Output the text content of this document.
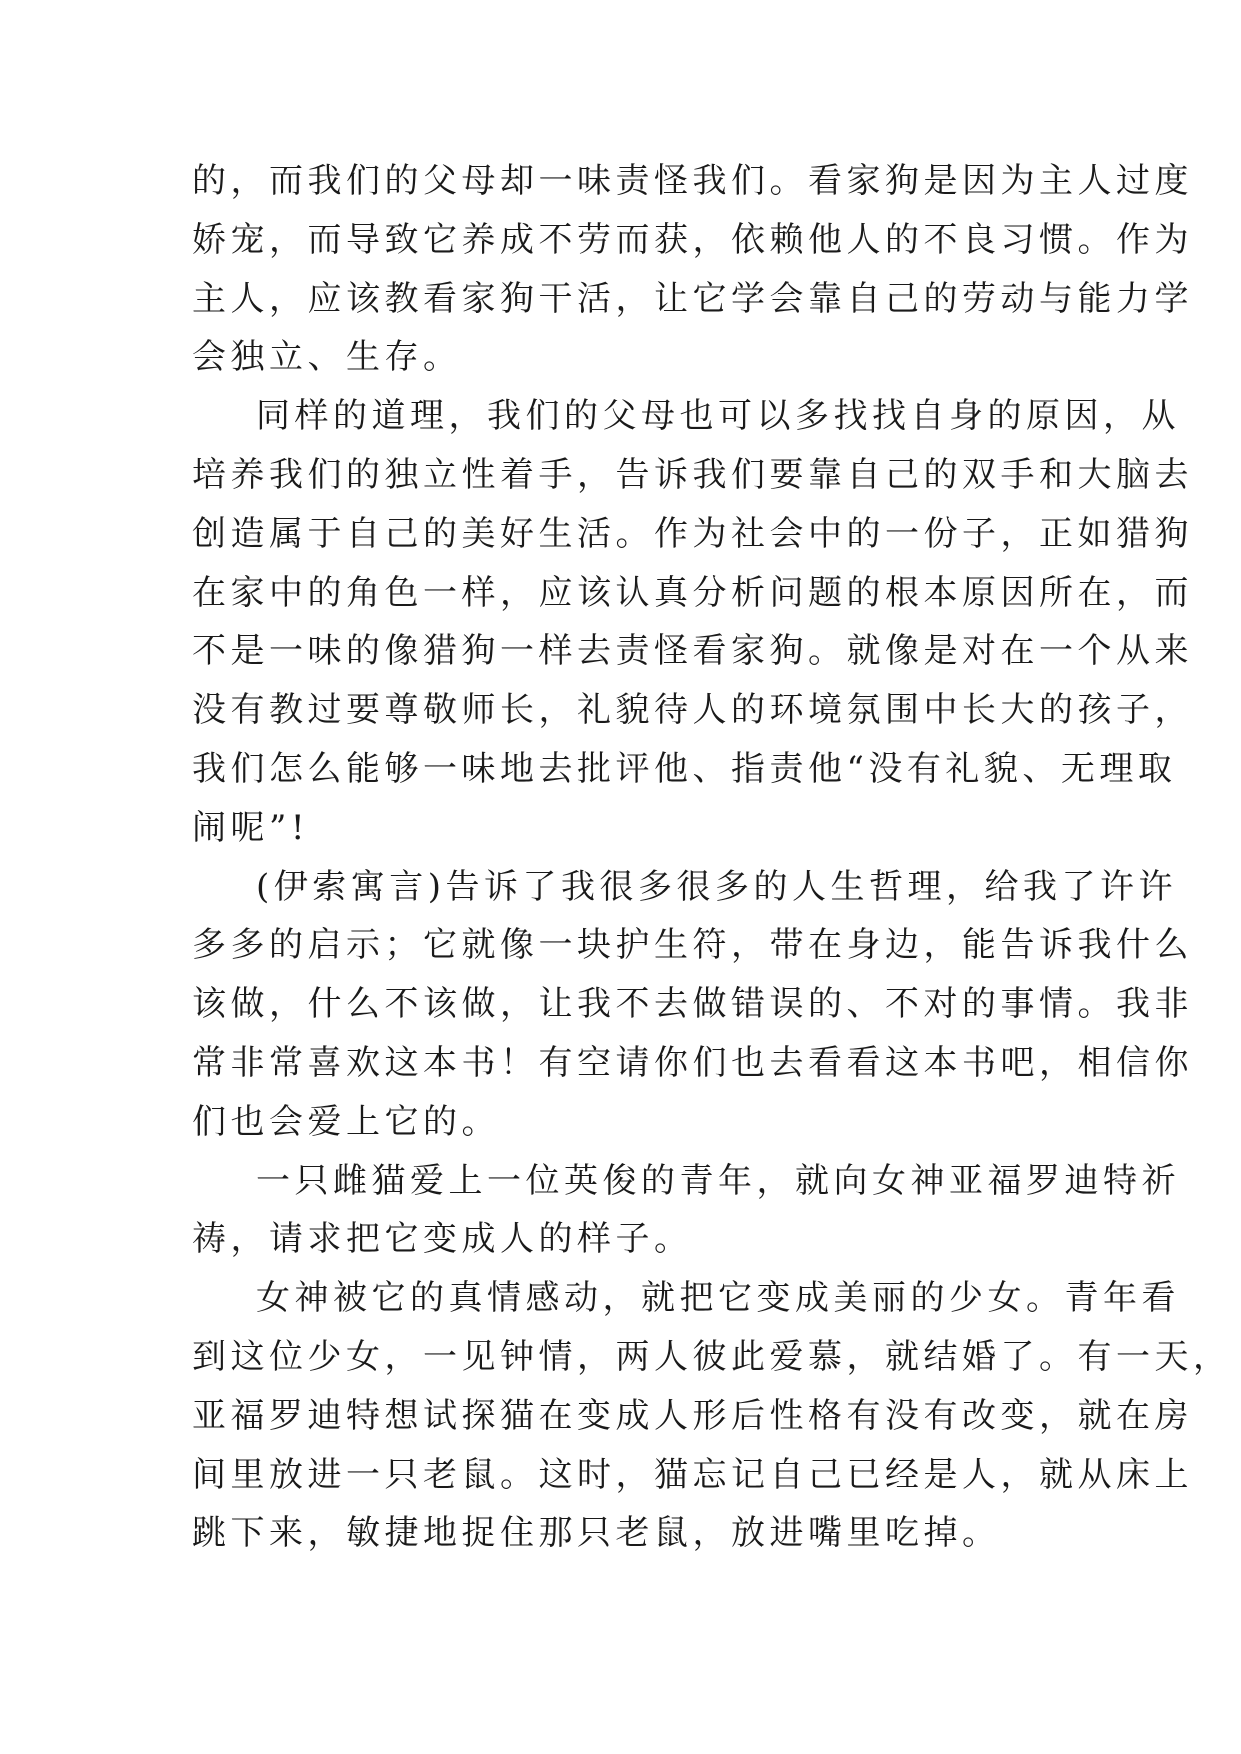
的，而我们的父母却一味责怪我们。看家狗是因为主人过度
娇宠，而导致它养成不劳而获，依赖他人的不良习惯。作为
主人，应该教看家狗干活，让它学会靠自己的劳动与能力学
会独立、生存。
同样的道理，我们的父母也可以多找找自身的原因，从
培养我们的独立性着手，告诉我们要靠自己的双手和大脑去
创造属于自己的美好生活。作为社会中的一份子，正如猎狗
在家中的角色一样，应该认真分析问题的根本原因所在，而
不是一味的像猎狗一样去责怪看家狗。就像是对在一个从来
没有教过要尊敬师长，礼貌待人的环境氛围中长大的孩子，
我们怎么能够一味地去批评他、指责他“没有礼貌、无理取
闹呢”!
(伊索寓言)告诉了我很多很多的人生哲理，给我了许许
多多的启示；它就像一块护生符，带在身边，能告诉我什么
该做，什么不该做，让我不去做错误的、不对的事情。我非
常非常喜欢这本书！有空请你们也去看看这本书吧，相信你
们也会爱上它的。
一只雌猫爱上一位英俊的青年，就向女神亚福罗迪特祈
祷，请求把它变成人的样子。
女神被它的真情感动，就把它变成美丽的少女。青年看
到这位少女，一见钟情，两人彼此爱慕，就结婚了。有一天，
亚福罗迪特想试探猫在变成人形后性格有没有改变，就在房
间里放进一只老鼠。这时，猫忘记自己已经是人，就从床上
跳下来，敏捷地捉住那只老鼠，放进嘴里吃掉。
